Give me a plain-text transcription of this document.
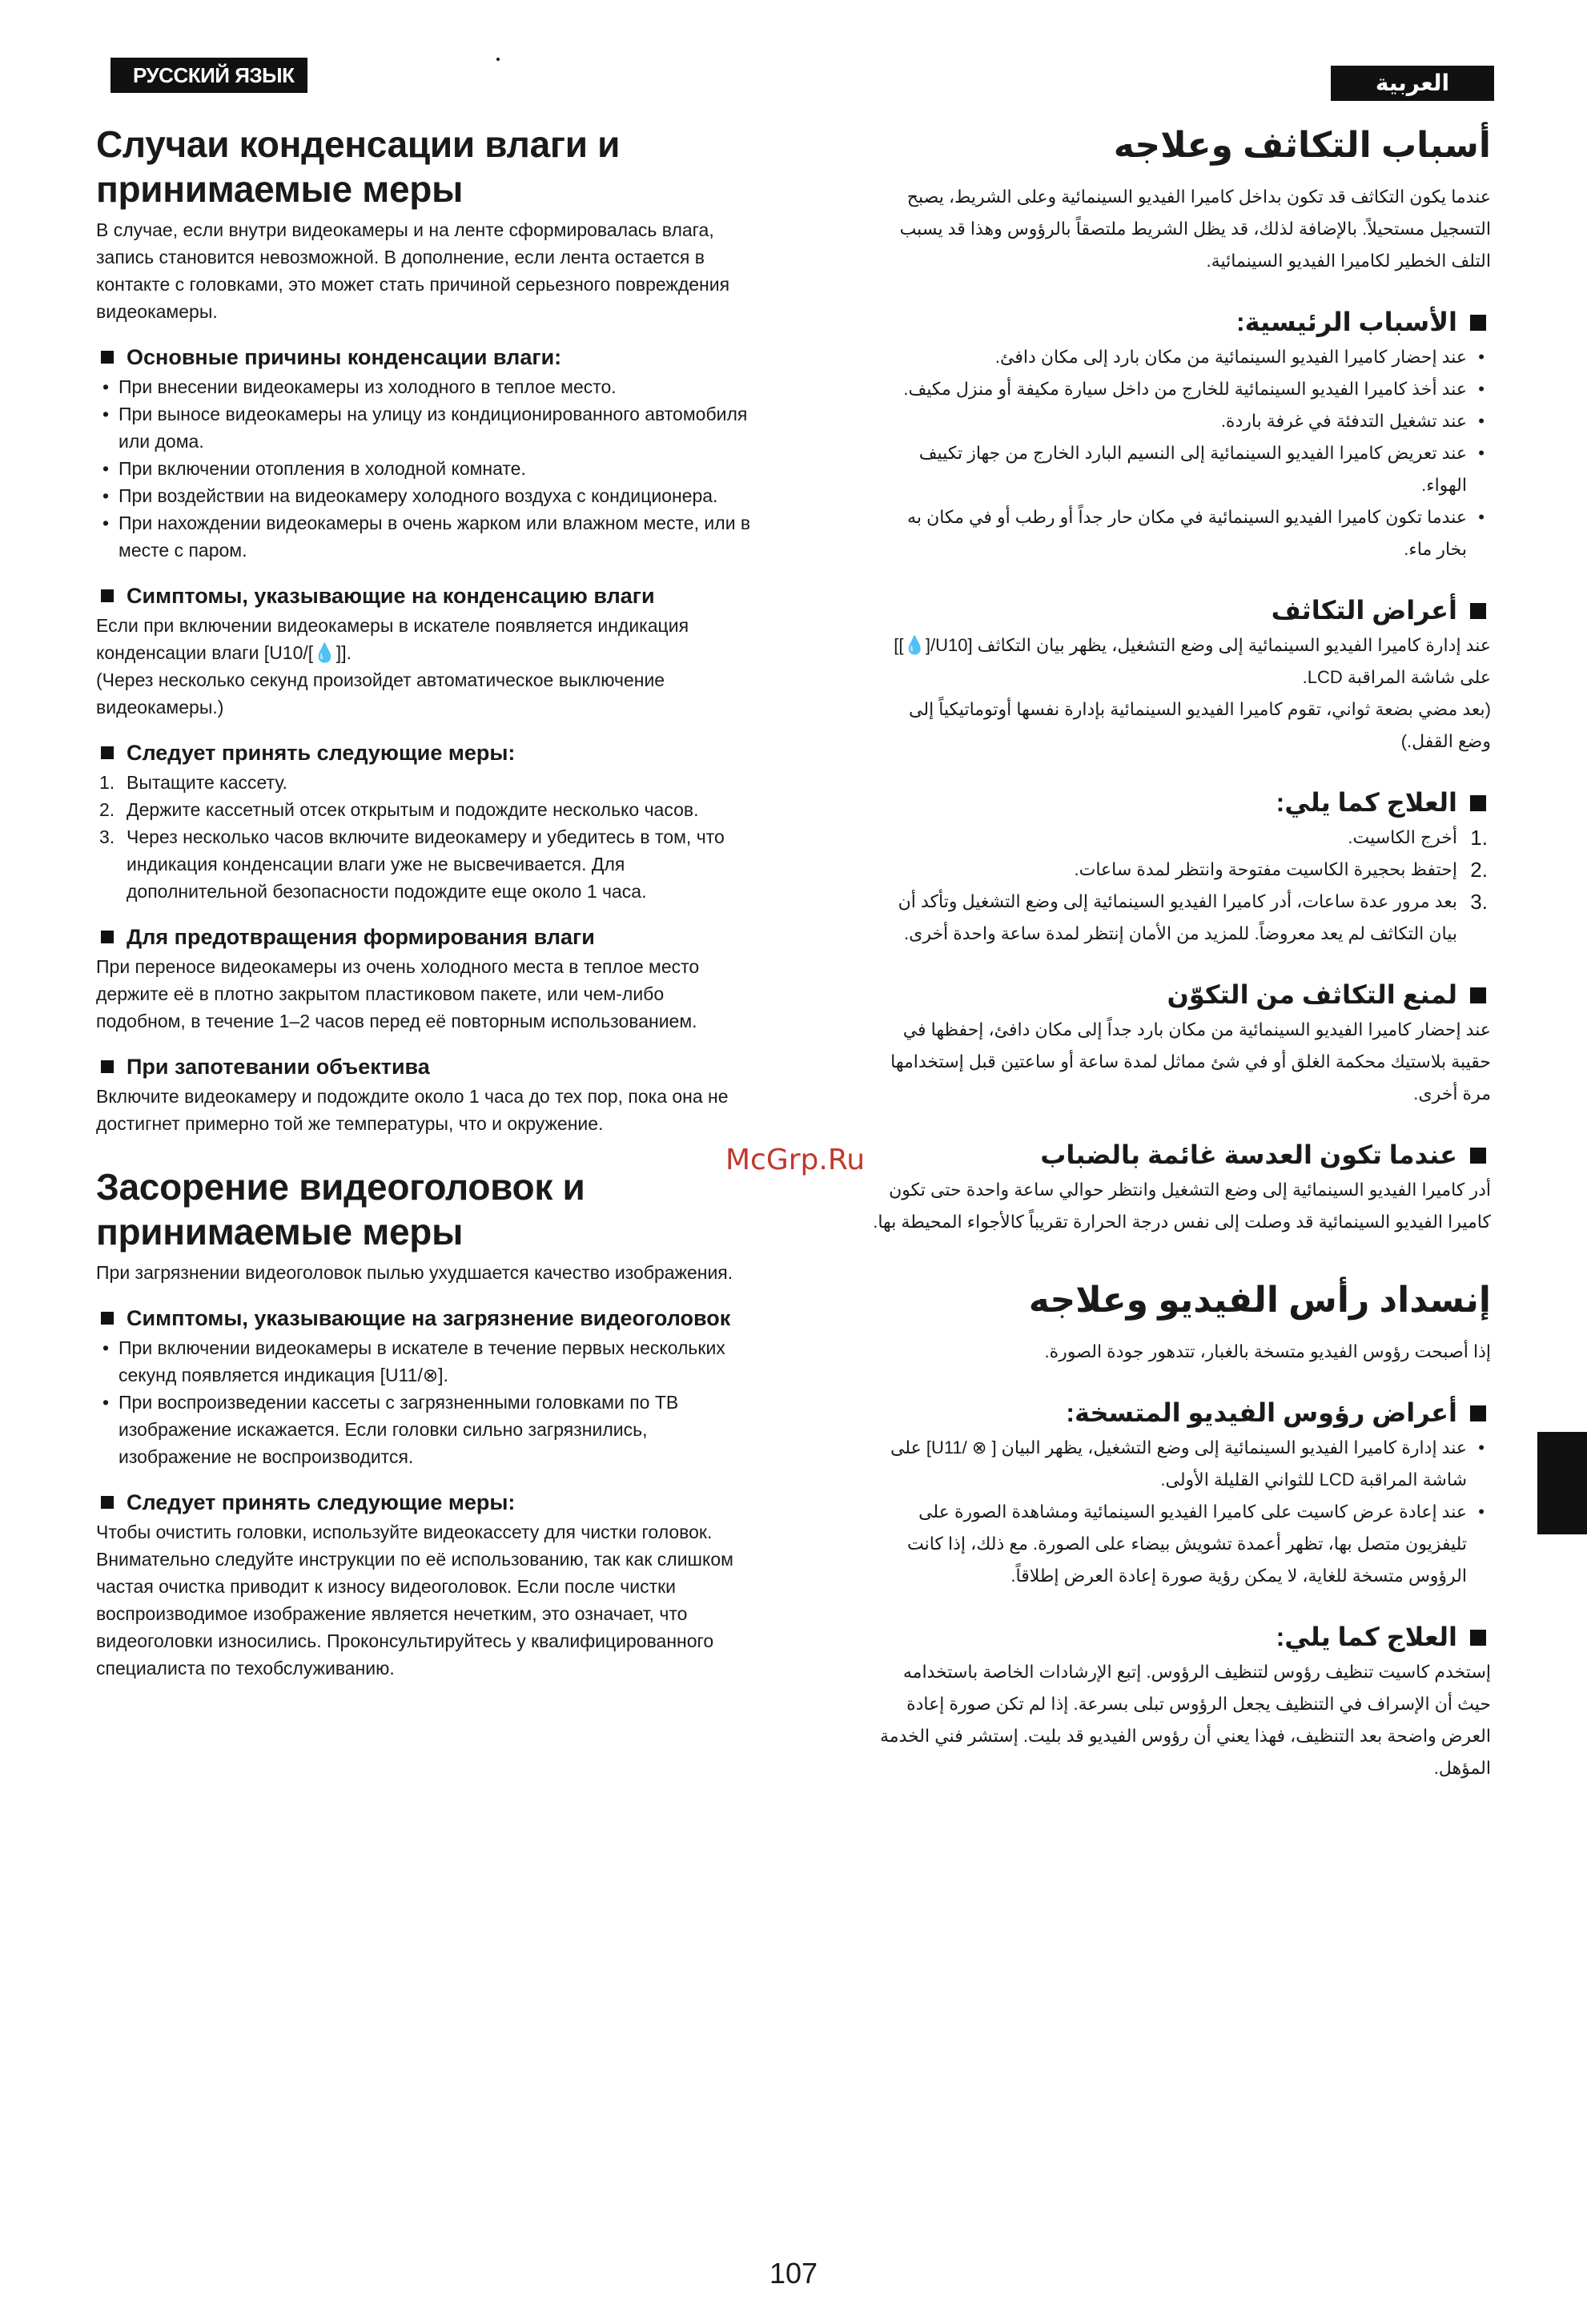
РУССКИЙ ЯЗЫК	العربية
Случаи конденсации влаги и принимаемые меры
В случае, если внутри видеокамеры и на ленте сформировалась влага, запись становится невозможной. В дополнение, если лента остается в контакте с головками, это может стать причиной серьезного повреждения видеокамеры.
Основные причины конденсации влаги:
• При внесении видеокамеры из холодного в теплое место.
• При выносе видеокамеры на улицу из кондиционированного автомобиля или дома.
• При включении отопления в холодной комнате.
• При воздействии на видеокамеру холодного воздуха с кондиционера.
• При нахождении видеокамеры в очень жарком или влажном месте, или в месте с паром.
Симптомы, указывающие на конденсацию влаги
Если при включении видеокамеры в искателе появляется индикация конденсации влаги [U10/[💧]].
(Через несколько секунд произойдет автоматическое выключение видеокамеры.)
Следует принять следующие меры:
1. Вытащите кассету.
2. Держите кассетный отсек открытым и подождите несколько часов.
3. Через несколько часов включите видеокамеру и убедитесь в том, что индикация конденсации влаги уже не высвечивается. Для дополнительной безопасности подождите еще около 1 часа.
Для предотвращения формирования влаги
При переносе видеокамеры из очень холодного места в теплое место держите её в плотно закрытом пластиковом пакете, или чем-либо подобном, в течение 1–2 часов перед её повторным использованием.
При запотевании объектива
Включите видеокамеру и подождите около 1 часа до тех пор, пока она не достигнет примерно той же температуры, что и окружение.
Засорение видеоголовок и принимаемые меры
При загрязнении видеоголовок пылью ухудшается качество изображения.
Симптомы, указывающие на загрязнение видеоголовок
• При включении видеокамеры в искателе в течение первых нескольких секунд появляется индикация [U11/⊗].
• При воспроизведении кассеты с загрязненными головками по ТВ изображение искажается. Если головки сильно загрязнились, изображение не воспроизводится.
Следует принять следующие меры:
Чтобы очистить головки, используйте видеокассету для чистки головок. Внимательно следуйте инструкции по её использованию, так как слишком частая очистка приводит к износу видеоголовок. Если после чистки воспроизводимое изображение является нечетким, это означает, что видеоголовки износились. Проконсультируйтесь у квалифицированного специалиста по техобслуживанию.
أسباب التكاثف وعلاجه
عندما يكون التكاثف قد تكون بداخل كاميرا الفيديو السينمائية وعلى الشريط، يصبح التسجيل مستحيلاً. بالإضافة لذلك، قد يظل الشريط ملتصقاً بالرؤوس وهذا قد يسبب التلف الخطير لكاميرا الفيديو السينمائية.
الأسباب الرئيسية:
• عند إحضار كاميرا الفيديو السينمائية من مكان بارد إلى مكان دافئ.
• عند أخذ كاميرا الفيديو السينمائية للخارج من داخل سيارة مكيفة أو منزل مكيف.
• عند تشغيل التدفئة في غرفة باردة.
• عند تعريض كاميرا الفيديو السينمائية إلى النسيم البارد الخارج من جهاز تكييف الهواء.
• عندما تكون كاميرا الفيديو السينمائية في مكان حار جداً أو رطب أو في مكان به بخار ماء.
أعراض التكاثف
عند إدارة كاميرا الفيديو السينمائية إلى وضع التشغيل، يظهر بيان التكاثف [U10/[💧]] على شاشة المراقبة LCD.
(بعد مضي بضعة ثواني، تقوم كاميرا الفيديو السينمائية بإدارة نفسها أوتوماتيكياً إلى وضع القفل.)
العلاج كما يلي:
.1
أخرج الكاسيت.
.2
إحتفظ بحجيرة الكاسيت مفتوحة وانتظر لمدة ساعات.
.3
بعد مرور عدة ساعات، أدر كاميرا الفيديو السينمائية إلى وضع التشغيل وتأكد أن بيان التكاثف لم يعد معروضاً. للمزيد من الأمان إنتظر لمدة ساعة واحدة أخرى.
لمنع التكاثف من التكوّن
عند إحضار كاميرا الفيديو السينمائية من مكان بارد جداً إلى مكان دافئ، إحفظها في حقيبة بلاستيك محكمة الغلق أو في شئ مماثل لمدة ساعة أو ساعتين قبل إستخدامها مرة أخرى.
عندما تكون العدسة غائمة بالضباب
أدر كاميرا الفيديو السينمائية إلى وضع التشغيل وانتظر حوالي ساعة واحدة حتى تكون كاميرا الفيديو السينمائية قد وصلت إلى نفس درجة الحرارة تقريباً كالأجواء المحيطة بها.
إنسداد رأس الفيديو وعلاجه
إذا أصبحت رؤوس الفيديو متسخة بالغبار، تتدهور جودة الصورة.
أعراض رؤوس الفيديو المتسخة:
• عند إدارة كاميرا الفيديو السينمائية إلى وضع التشغيل، يظهر البيان [ ⊗ /U11] على شاشة المراقبة LCD للثواني القليلة الأولى.
• عند إعادة عرض كاسيت على كاميرا الفيديو السينمائية ومشاهدة الصورة على تليفزيون متصل بها، تظهر أعمدة تشويش بيضاء على الصورة. مع ذلك، إذا كانت الرؤوس متسخة للغاية، لا يمكن رؤية صورة إعادة العرض إطلاقاً.
العلاج كما يلي:
إستخدم كاسيت تنظيف رؤوس لتنظيف الرؤوس. إتبع الإرشادات الخاصة باستخدامه حيث أن الإسراف في التنظيف يجعل الرؤوس تبلى بسرعة. إذا لم تكن صورة إعادة العرض واضحة بعد التنظيف، فهذا يعني أن رؤوس الفيديو قد بليت. إستشر فني الخدمة المؤهل.
McGrp.Ru
107
